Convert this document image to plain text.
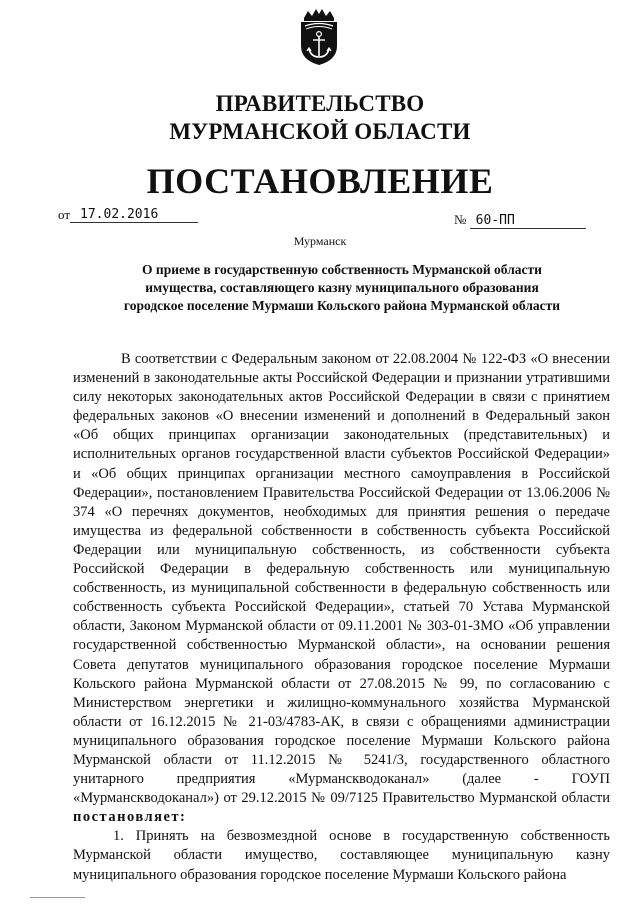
ПРАВИТЕЛЬСТВО
МУРМАНСКОЙ ОБЛАСТИ
ПОСТАНОВЛЕНИЕ
от 17.02.2016	№ 60-ПП
Мурманск
О приеме в государственную собственность Мурманской области
имущества, составляющего казну муниципального образования
городское поселение Мурмаши Кольского района Мурманской области

В соответствии с Федеральным законом от 22.08.2004 № 122-ФЗ «О внесении изменений в законодательные акты Российской Федерации и признании утратившими силу некоторых законодательных актов Российской Федерации в связи с принятием федеральных законов «О внесении изменений и дополнений в Федеральный закон «Об общих принципах организации законодательных (представительных) и исполнительных органов государственной власти субъектов Российской Федерации» и «Об общих принципах организации местного самоуправления в Российской Федерации», постановлением Правительства Российской Федерации от 13.06.2006 № 374 «О перечнях документов, необходимых для принятия решения о передаче имущества из федеральной собственности в собственность субъекта Российской Федерации или муниципальную собственность, из собственности субъекта Российской Федерации в федеральную собственность или муниципальную собственность, из муниципальной собственности в федеральную собственность или собственность субъекта Российской Федерации», статьей 70 Устава Мурманской области, Законом Мурманской области от 09.11.2001 № 303-01-ЗМО «Об управлении государственной собственностью Мурманской области», на основании решения Совета депутатов муниципального образования городское поселение Мурмаши Кольского района Мурманской области от 27.08.2015 № 99, по согласованию с Министерством энергетики и жилищно-коммунального хозяйства Мурманской области от 16.12.2015 № 21-03/4783-АК, в связи с обращениями администрации муниципального образования городское поселение Мурмаши Кольского района Мурманской области от 11.12.2015 № 5241/3, государственного областного унитарного предприятия «Мурманскводоканал» (далее - ГОУП «Мурманскводоканал») от 29.12.2015 № 09/7125 Правительство Мурманской области постановляет:

1. Принять на безвозмездной основе в государственную собственность Мурманской области имущество, составляющее муниципальную казну муниципального образования городское поселение Мурмаши Кольского района
